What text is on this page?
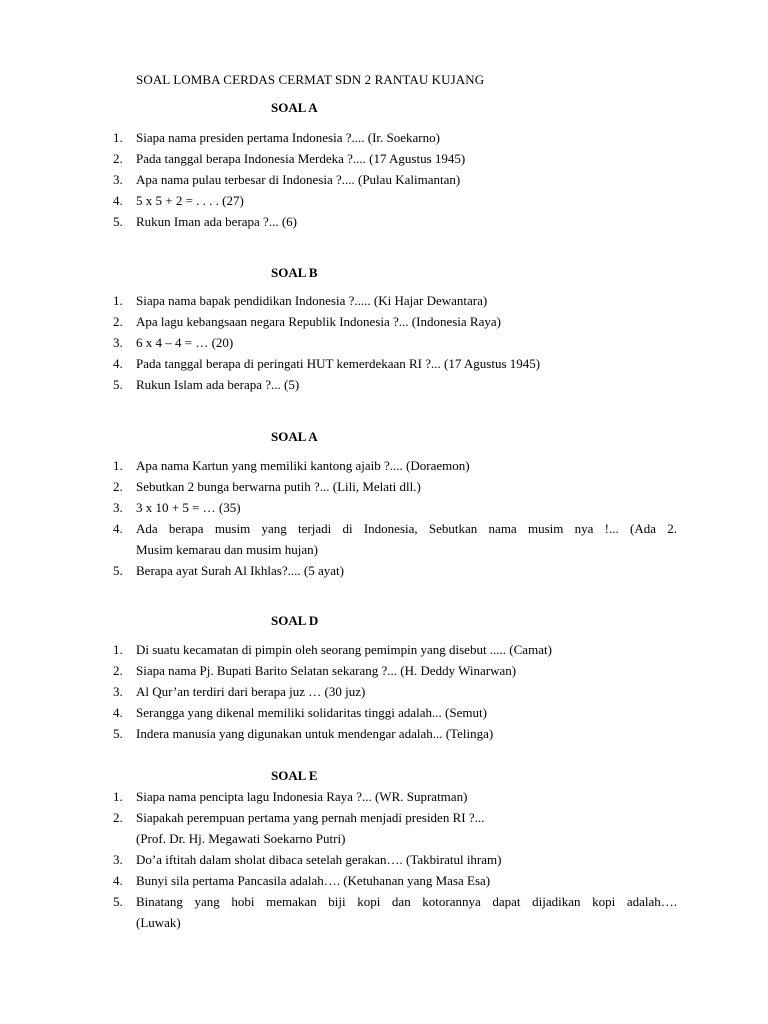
SOAL LOMBA CERDAS CERMAT SDN 2 RANTAU KUJANG
SOAL A
1. Siapa nama presiden pertama Indonesia ?.... (Ir. Soekarno)
2. Pada tanggal berapa Indonesia Merdeka ?.... (17 Agustus 1945)
3. Apa nama pulau terbesar di Indonesia ?.... (Pulau Kalimantan)
4. 5 x 5 + 2 = . . . . (27)
5. Rukun Iman ada berapa ?... (6)
SOAL B
1. Siapa nama bapak pendidikan Indonesia ?..... (Ki Hajar Dewantara)
2. Apa lagu kebangsaan negara Republik Indonesia ?... (Indonesia Raya)
3. 6 x 4 – 4 = … (20)
4. Pada tanggal berapa di peringati HUT kemerdekaan RI ?... (17 Agustus 1945)
5. Rukun Islam ada berapa ?... (5)
SOAL A
1. Apa nama Kartun yang memiliki kantong ajaib ?.... (Doraemon)
2. Sebutkan 2 bunga berwarna putih ?... (Lili, Melati dll.)
3. 3 x 10 + 5 = … (35)
4. Ada berapa musim yang terjadi di Indonesia, Sebutkan nama musim nya !... (Ada 2.
Musim kemarau dan musim hujan)
5. Berapa ayat Surah Al Ikhlas?.... (5 ayat)
SOAL D
1. Di suatu kecamatan di pimpin oleh seorang pemimpin yang disebut ..... (Camat)
2. Siapa nama Pj. Bupati Barito Selatan sekarang ?... (H. Deddy Winarwan)
3. Al Qur’an terdiri dari berapa juz … (30 juz)
4. Serangga yang dikenal memiliki solidaritas tinggi adalah... (Semut)
5. Indera manusia yang digunakan untuk mendengar adalah... (Telinga)
SOAL E
1. Siapa nama pencipta lagu Indonesia Raya ?... (WR. Supratman)
2. Siapakah perempuan pertama yang pernah menjadi presiden RI ?...
(Prof. Dr. Hj. Megawati Soekarno Putri)
3. Do’a iftitah dalam sholat dibaca setelah gerakan…. (Takbiratul ihram)
4. Bunyi sila pertama Pancasila adalah…. (Ketuhanan yang Masa Esa)
5. Binatang yang hobi memakan biji kopi dan kotorannya dapat dijadikan kopi adalah….
(Luwak)
